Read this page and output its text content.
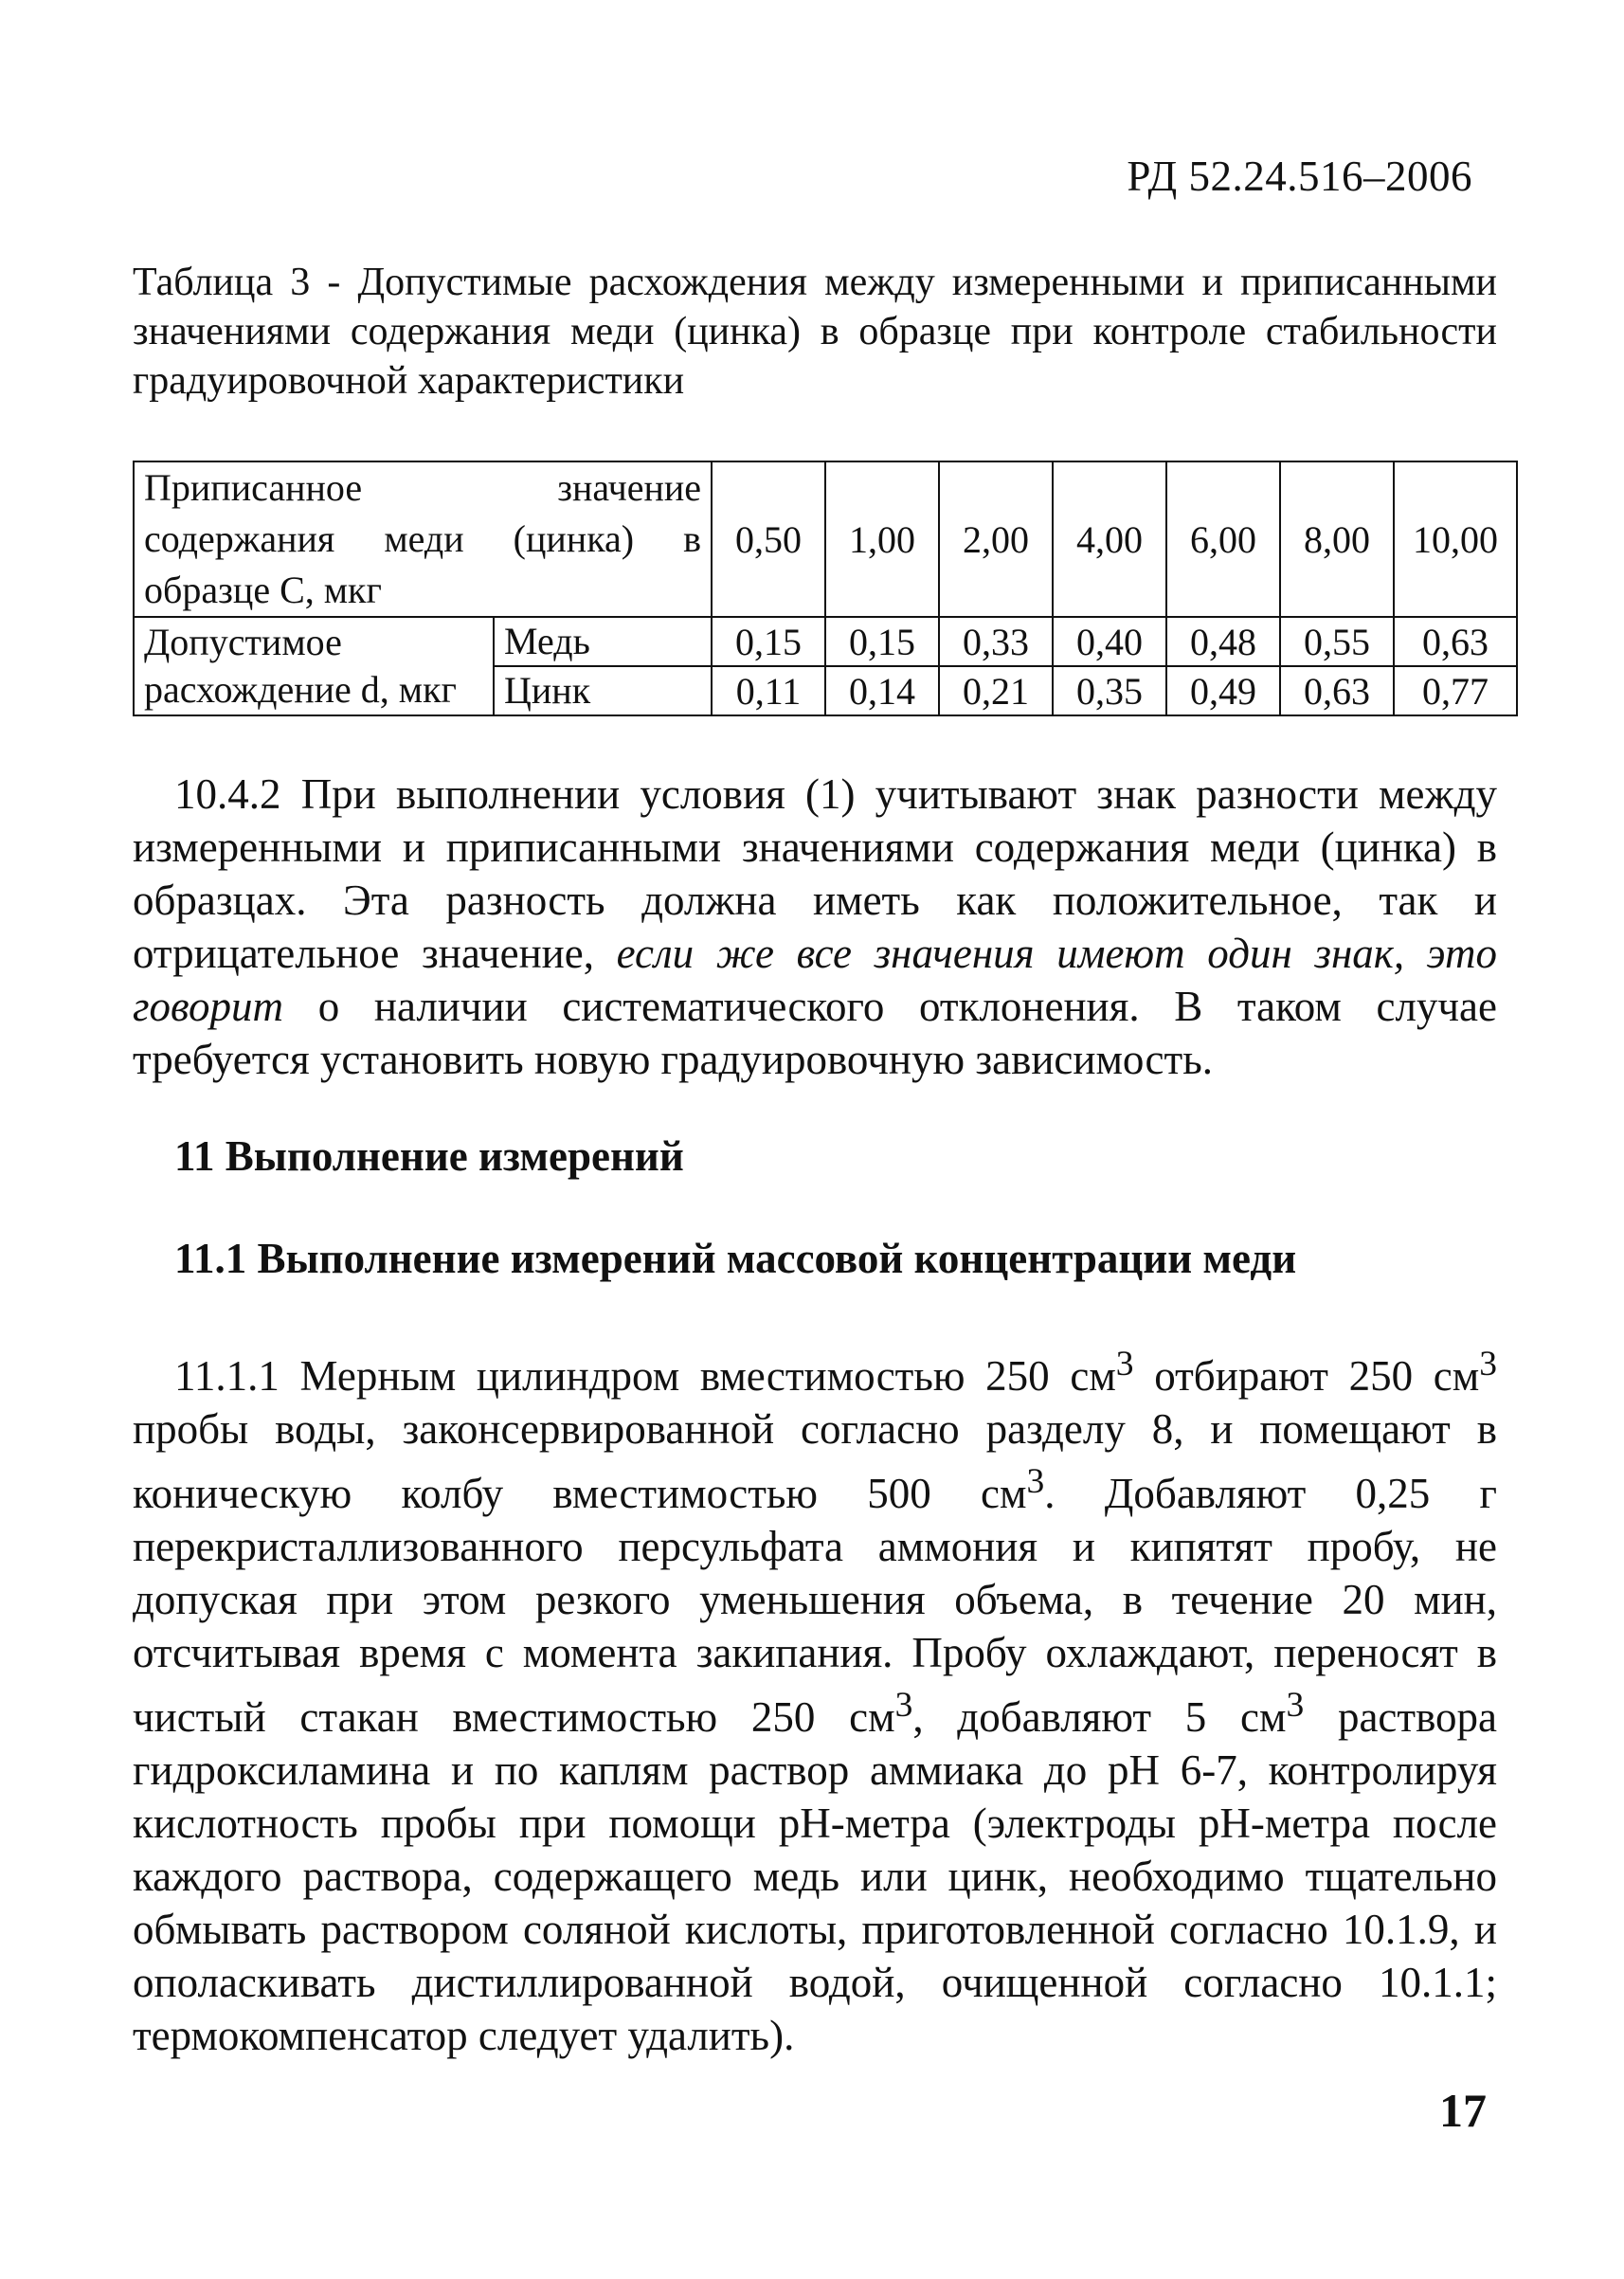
РД 52.24.516–2006

Таблица 3 - Допустимые расхождения между измеренными и приписанными значениями содержания меди (цинка) в образце при контроле стабильности градуировочной характеристики

Приписанное значение содержания меди (цинка) в образце С, мкг		0,50	1,00	2,00	4,00	6,00	8,00	10,00
Допустимое расхождение d, мкг	Медь	0,15	0,15	0,33	0,40	0,48	0,55	0,63
	Цинк	0,11	0,14	0,21	0,35	0,49	0,63	0,77

10.4.2 При выполнении условия (1) учитывают знак разности между измеренными и приписанными значениями содержания меди (цинка) в образцах. Эта разность должна иметь как положительное, так и отрицательное значение, если же все значения имеют один знак, это говорит о наличии систематического отклонения. В таком случае требуется установить новую градуировочную зависимость.

11 Выполнение измерений
11.1 Выполнение измерений массовой концентрации меди

11.1.1 Мерным цилиндром вместимостью 250 $см^3$ отбирают 250 $см^3$ пробы воды, законсервированной согласно разделу 8, и помещают в коническую колбу вместимостью 500 $см^3$. Добавляют 0,25 г перекристаллизованного персульфата аммония и кипятят пробу, не допуская при этом резкого уменьшения объема, в течение 20 мин, отсчитывая время с момента закипания. Пробу охлаждают, переносят в чистый стакан вместимостью 250 $см^3$, добавляют 5 $см^3$ раствора гидроксиламина и по каплям раствор аммиака до pH 6-7, контролируя кислотность пробы при помощи pH-метра (электроды pH-метра после каждого раствора, содержащего медь или цинк, необходимо тщательно обмывать раствором соляной кислоты, приготовленной согласно 10.1.9, и ополаскивать дистиллированной водой, очищенной согласно 10.1.1; термокомпенсатор следует удалить).

17
